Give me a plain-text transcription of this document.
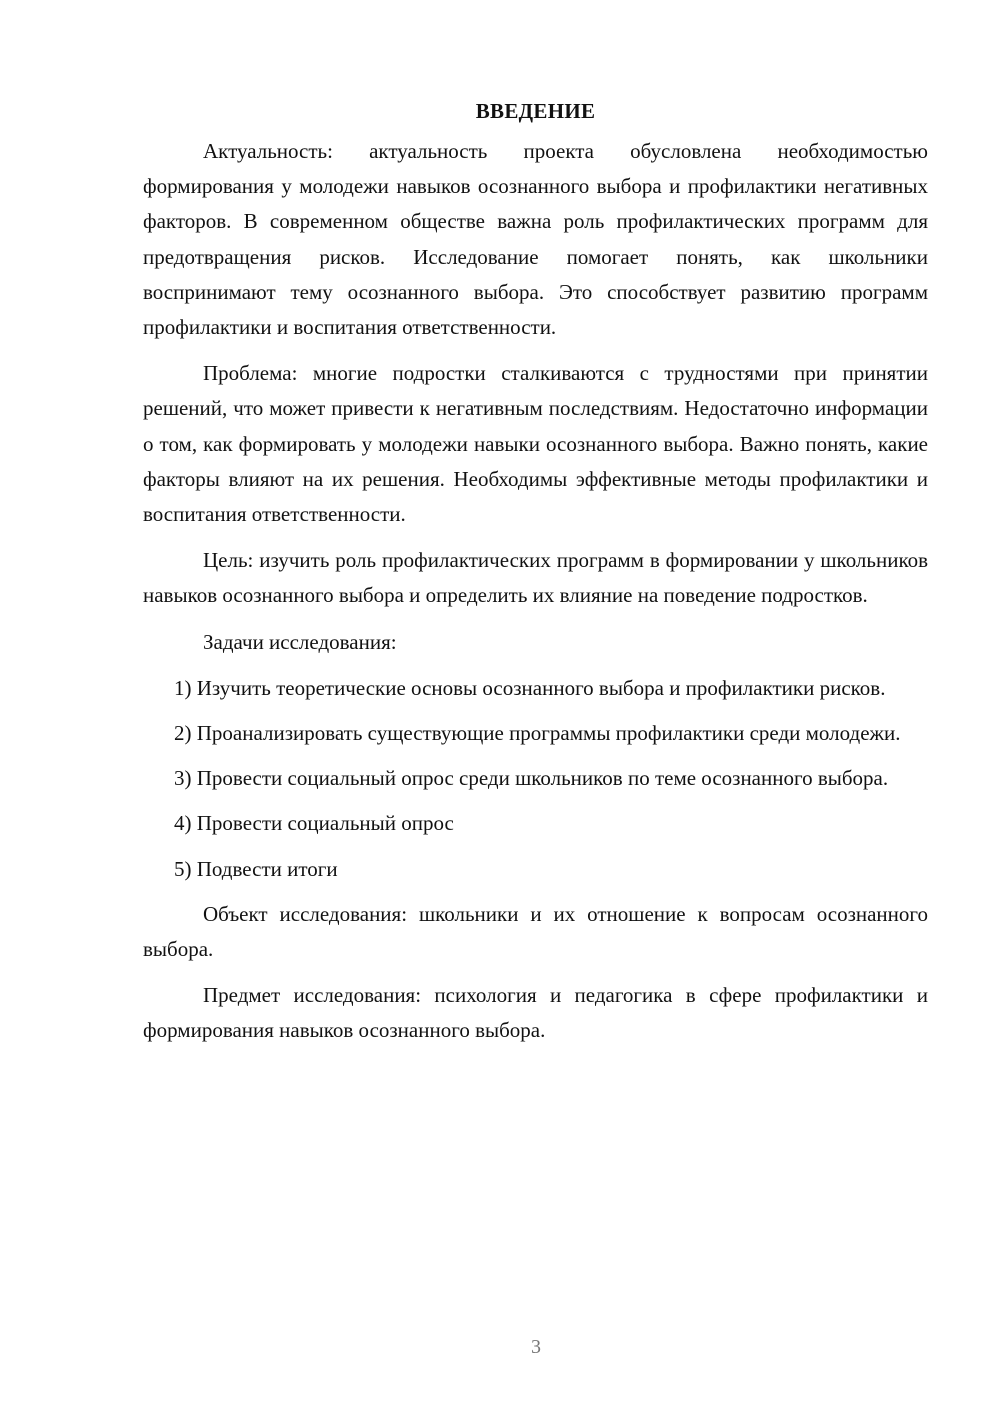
ВВЕДЕНИЕ

Актуальность: актуальность проекта обусловлена необходимостью формирования у молодежи навыков осознанного выбора и профилактики негативных факторов. В современном обществе важна роль профилактических программ для предотвращения рисков. Исследование помогает понять, как школьники воспринимают тему осознанного выбора. Это способствует развитию программ профилактики и воспитания ответственности.

Проблема: многие подростки сталкиваются с трудностями при принятии решений, что может привести к негативным последствиям. Недостаточно информации о том, как формировать у молодежи навыки осознанного выбора. Важно понять, какие факторы влияют на их решения. Необходимы эффективные методы профилактики и воспитания ответственности.

Цель: изучить роль профилактических программ в формировании у школьников навыков осознанного выбора и определить их влияние на поведение подростков.

Задачи исследования:

1) Изучить теоретические основы осознанного выбора и профилактики рисков.

2) Проанализировать существующие программы профилактики среди молодежи.

3) Провести социальный опрос среди школьников по теме осознанного выбора.

4) Провести социальный опрос

5) Подвести итоги

Объект исследования: школьники и их отношение к вопросам осознанного выбора.

Предмет исследования: психология и педагогика в сфере профилактики и формирования навыков осознанного выбора.

3
